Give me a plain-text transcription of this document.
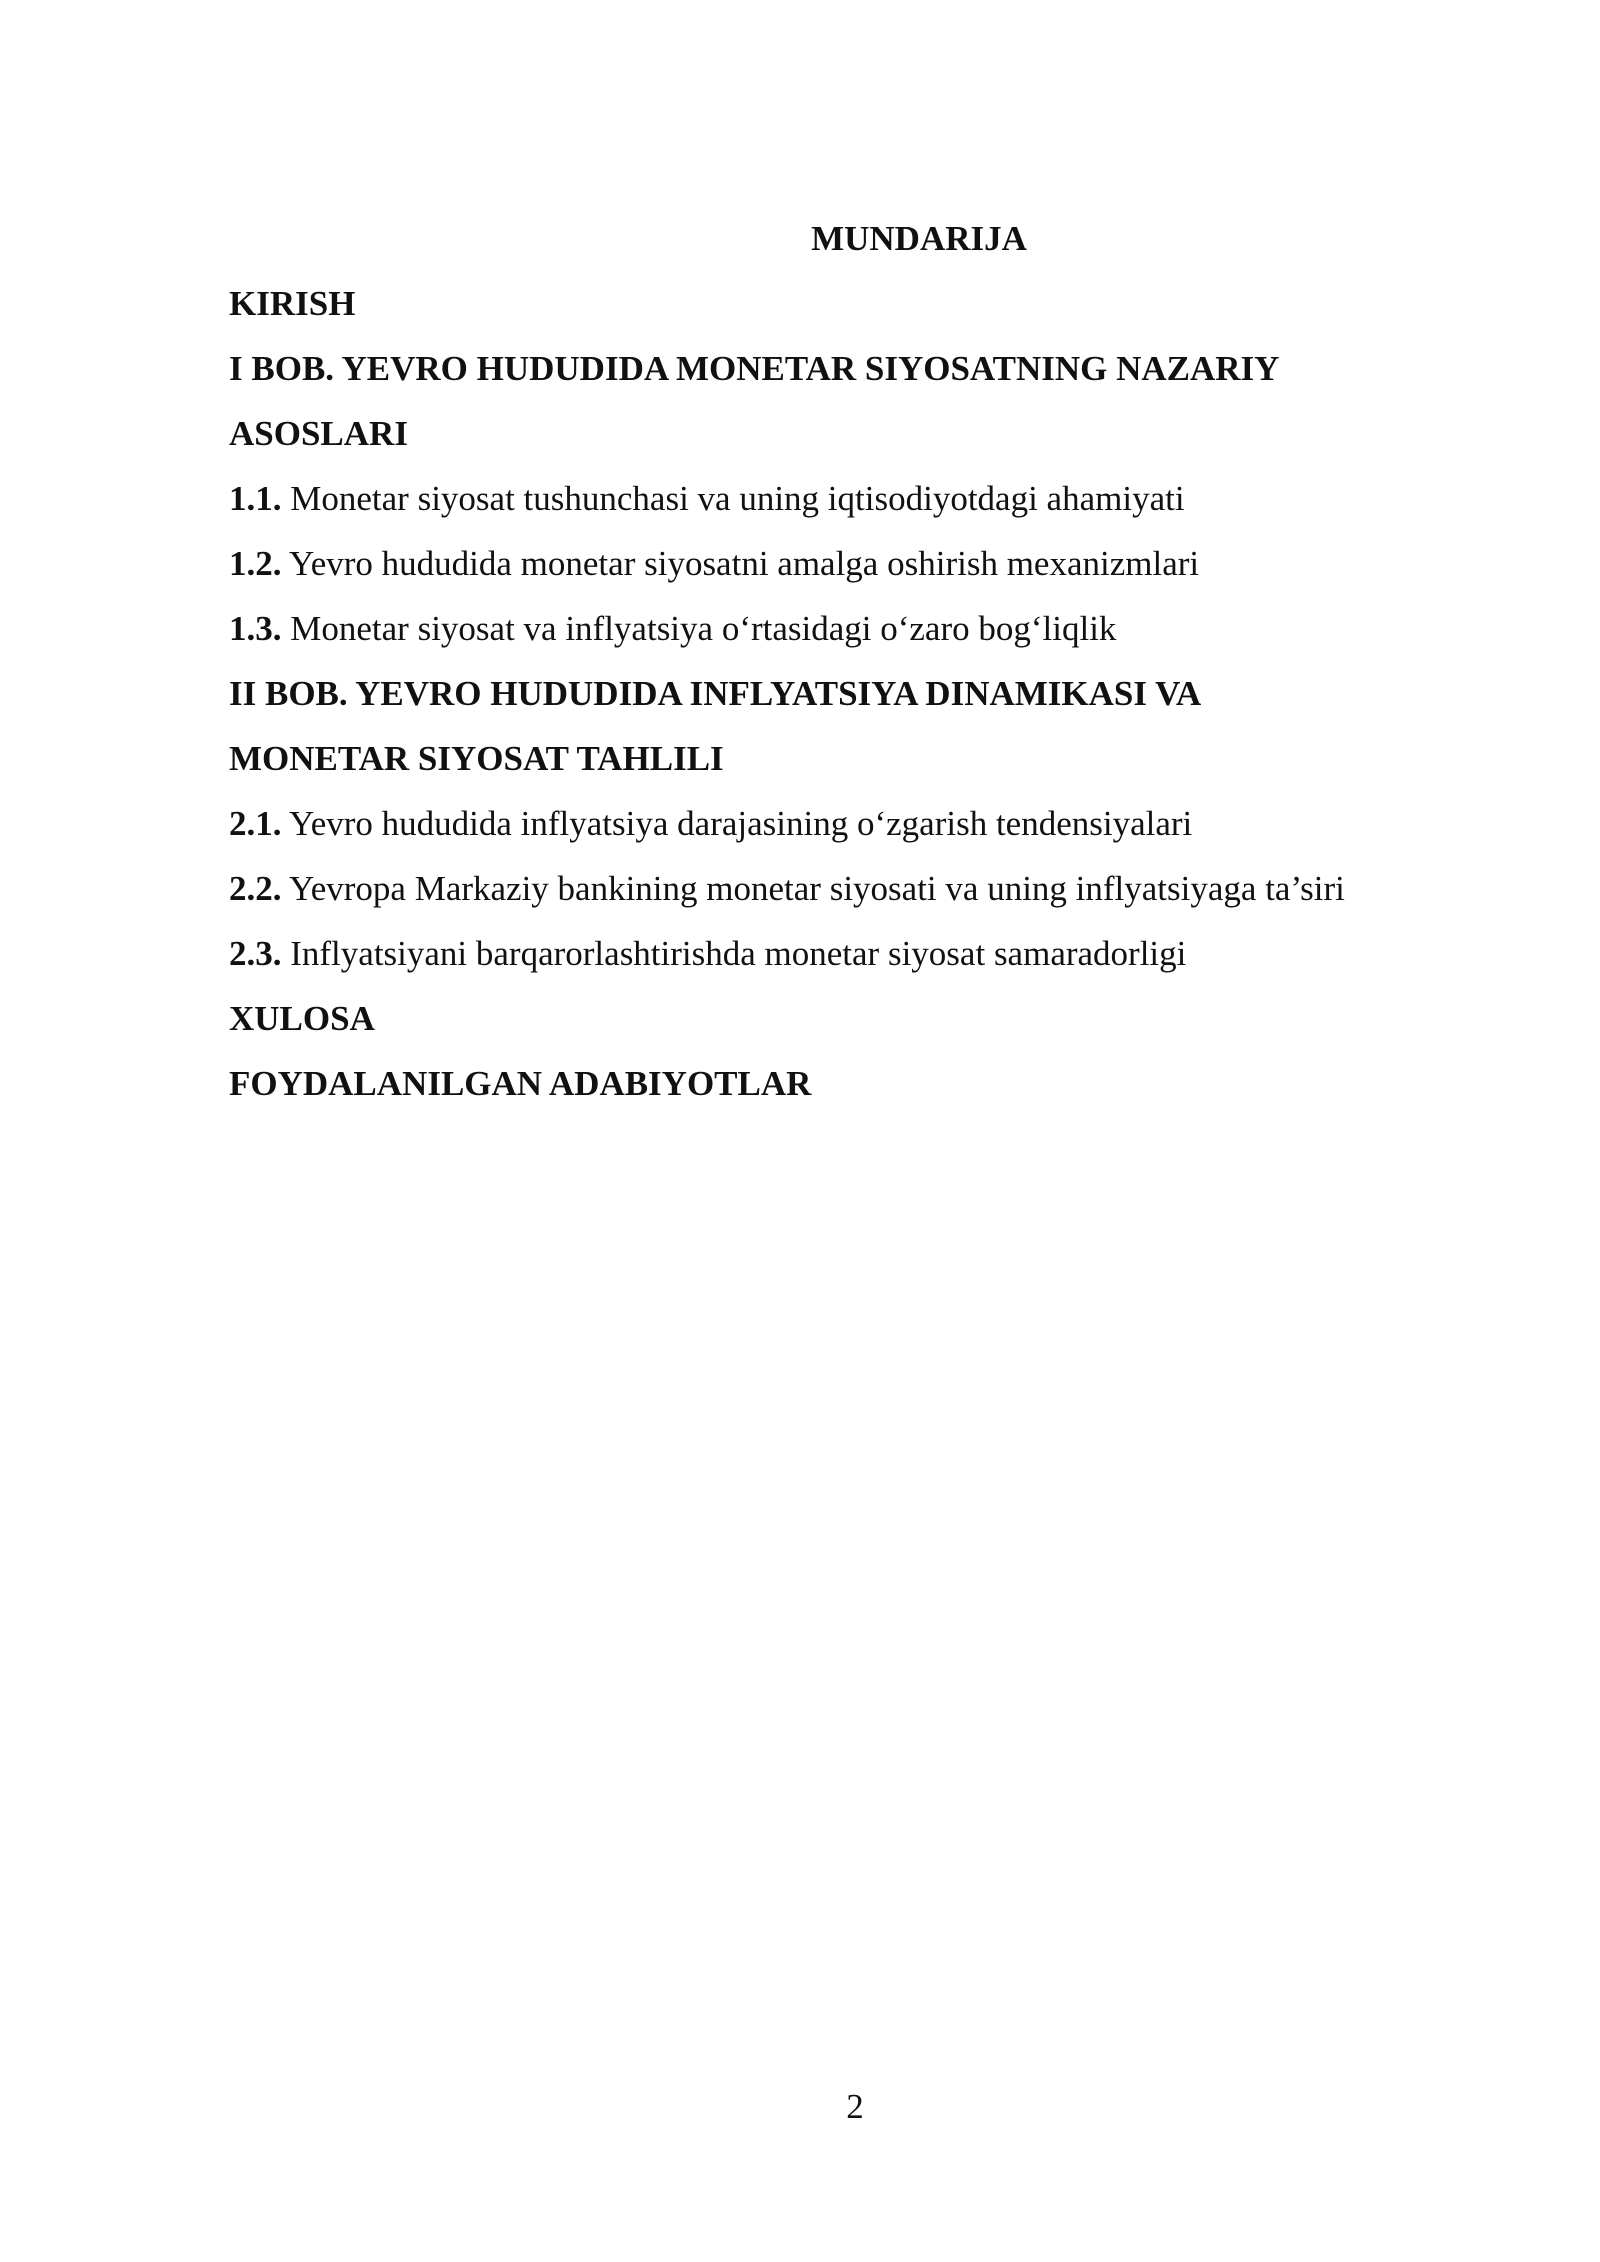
MUNDARIJA
KIRISH
I BOB. YEVRO HUDUDIDA MONETAR SIYOSATNING NAZARIY
ASOSLARI
1.1. Monetar siyosat tushunchasi va uning iqtisodiyotdagi ahamiyati
1.2. Yevro hududida monetar siyosatni amalga oshirish mexanizmlari
1.3. Monetar siyosat va inflyatsiya o‘rtasidagi o‘zaro bog‘liqlik
II BOB. YEVRO HUDUDIDA INFLYATSIYA DINAMIKASI VA
MONETAR SIYOSAT TAHLILI
2.1. Yevro hududida inflyatsiya darajasining o‘zgarish tendensiyalari
2.2. Yevropa Markaziy bankining monetar siyosati va uning inflyatsiyaga ta’siri
2.3. Inflyatsiyani barqarorlashtirishda monetar siyosat samaradorligi
XULOSA
FOYDALANILGAN ADABIYOTLAR
2
